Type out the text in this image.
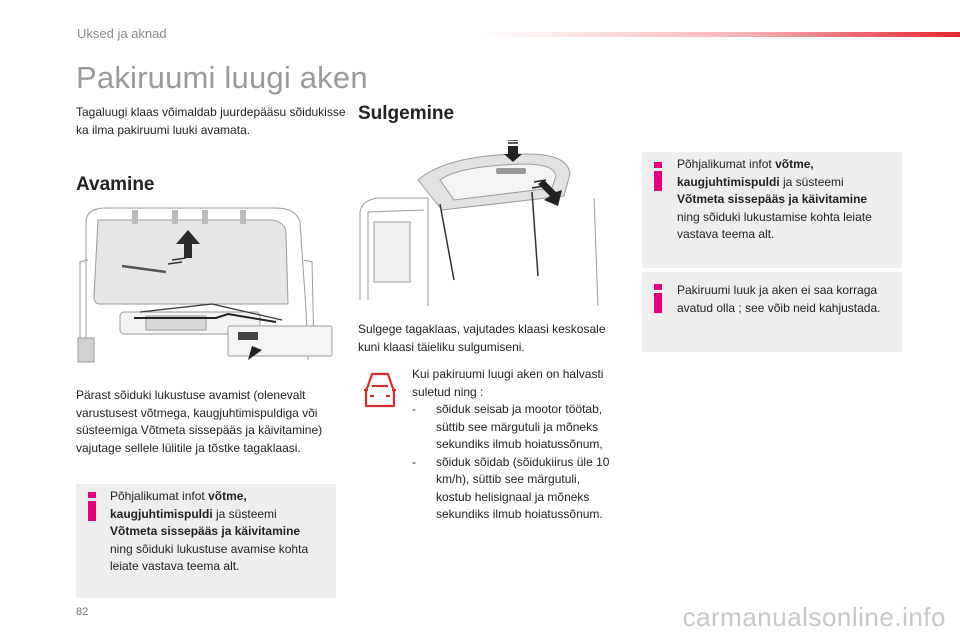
Uksed ja aknad
Pakiruumi luugi aken
Tagaluugi klaas võimaldab juurdepääsu sõidukisse ka ilma pakiruumi luuki avamata.
Avamine
Pärast sõiduki lukustuse avamist (olenevalt varustusest võtmega, kaugjuhtimispuldiga või süsteemiga Võtmeta sissepääs ja käivitamine) vajutage sellele lülitile ja tõstke tagaklaasi.
Põhjalikumat infot võtme, kaugjuhtimispuldi ja süsteemi Võtmeta sissepääs ja käivitamine ning sõiduki lukustuse avamise kohta leiate vastava teema alt.
Sulgemine
Sulgege tagaklaas, vajutades klaasi keskosale kuni klaasi täieliku sulgumiseni.
Kui pakiruumi luugi aken on halvasti suletud ning :
-	sõiduk seisab ja mootor töötab, süttib see märgutuli ja mõneks sekundiks ilmub hoiatussõnum,
-	sõiduk sõidab (sõidukiirus üle 10 km/h), süttib see märgutuli, kostub helisignaal ja mõneks sekundiks ilmub hoiatussõnum.
Põhjalikumat infot võtme, kaugjuhtimispuldi ja süsteemi Võtmeta sissepääs ja käivitamine ning sõiduki lukustamise kohta leiate vastava teema alt.
Pakiruumi luuk ja aken ei saa korraga avatud olla ; see võib neid kahjustada.
82	carmanualsonline.info
